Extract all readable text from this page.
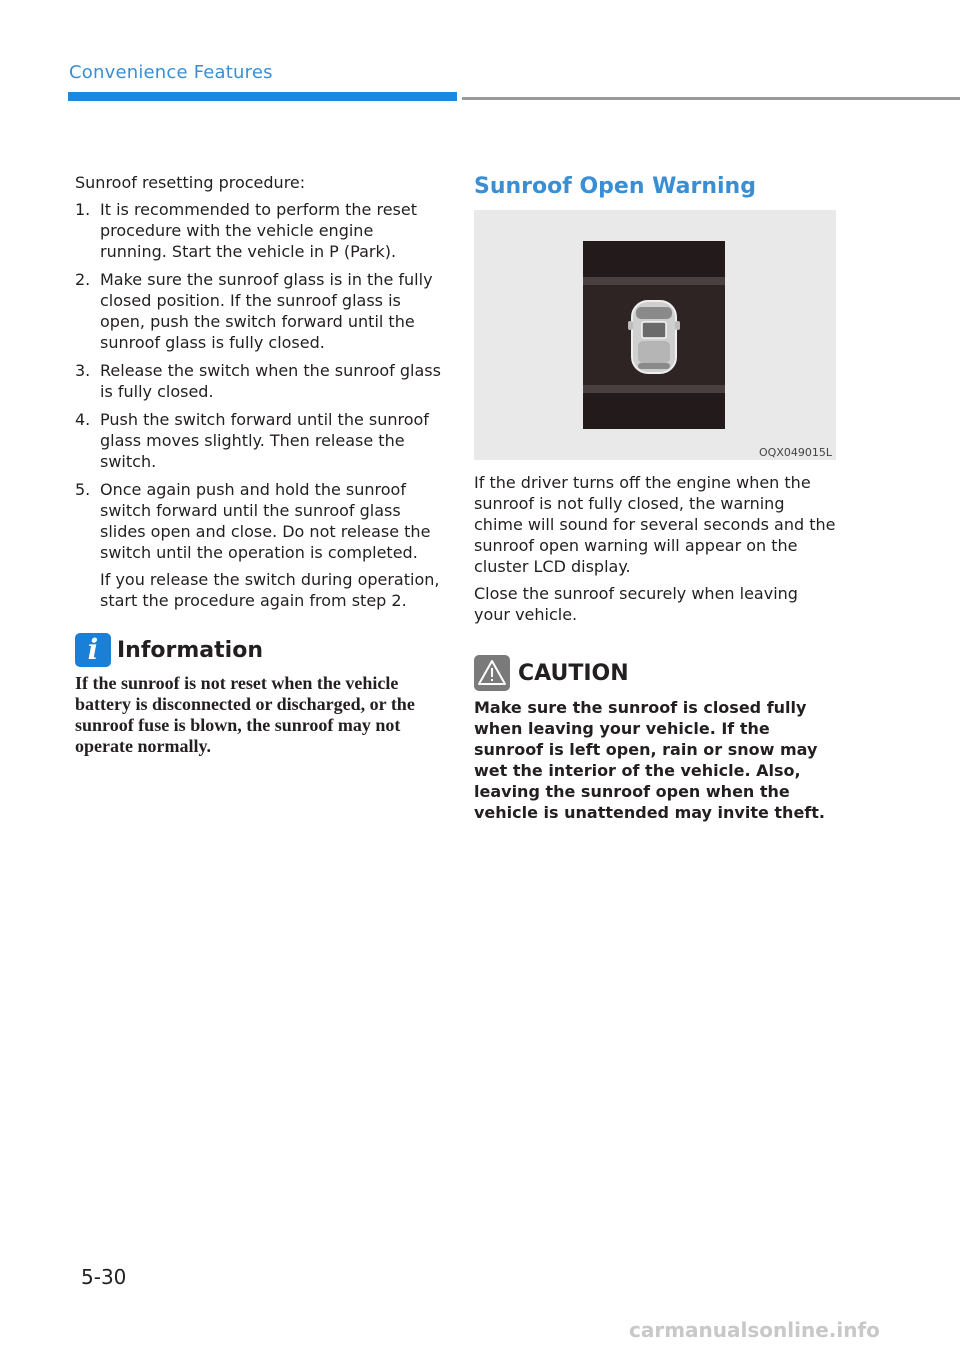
Convenience Features

Sunroof resetting procedure:

1. It is recommended to perform the reset procedure with the vehicle engine running. Start the vehicle in P (Park).
2. Make sure the sunroof glass is in the fully closed position. If the sunroof glass is open, push the switch forward until the sunroof glass is fully closed.
3. Release the switch when the sunroof glass is fully closed.
4. Push the switch forward until the sunroof glass moves slightly. Then release the switch.
5. Once again push and hold the sunroof switch forward until the sunroof glass slides open and close. Do not release the switch until the operation is completed.
If you release the switch during operation, start the procedure again from step 2.
i Information
If the sunroof is not reset when the vehicle battery is disconnected or discharged, or the sunroof fuse is blown, the sunroof may not operate normally.
Sunroof Open Warning
OQX049015L

If the driver turns off the engine when the sunroof is not fully closed, the warning chime will sound for several seconds and the sunroof open warning will appear on the cluster LCD display.

Close the sunroof securely when leaving your vehicle.

CAUTION
Make sure the sunroof is closed fully when leaving your vehicle. If the sunroof is left open, rain or snow may wet the interior of the vehicle. Also, leaving the sunroof open when the vehicle is unattended may invite theft.
5-30
carmanualsonline.info
